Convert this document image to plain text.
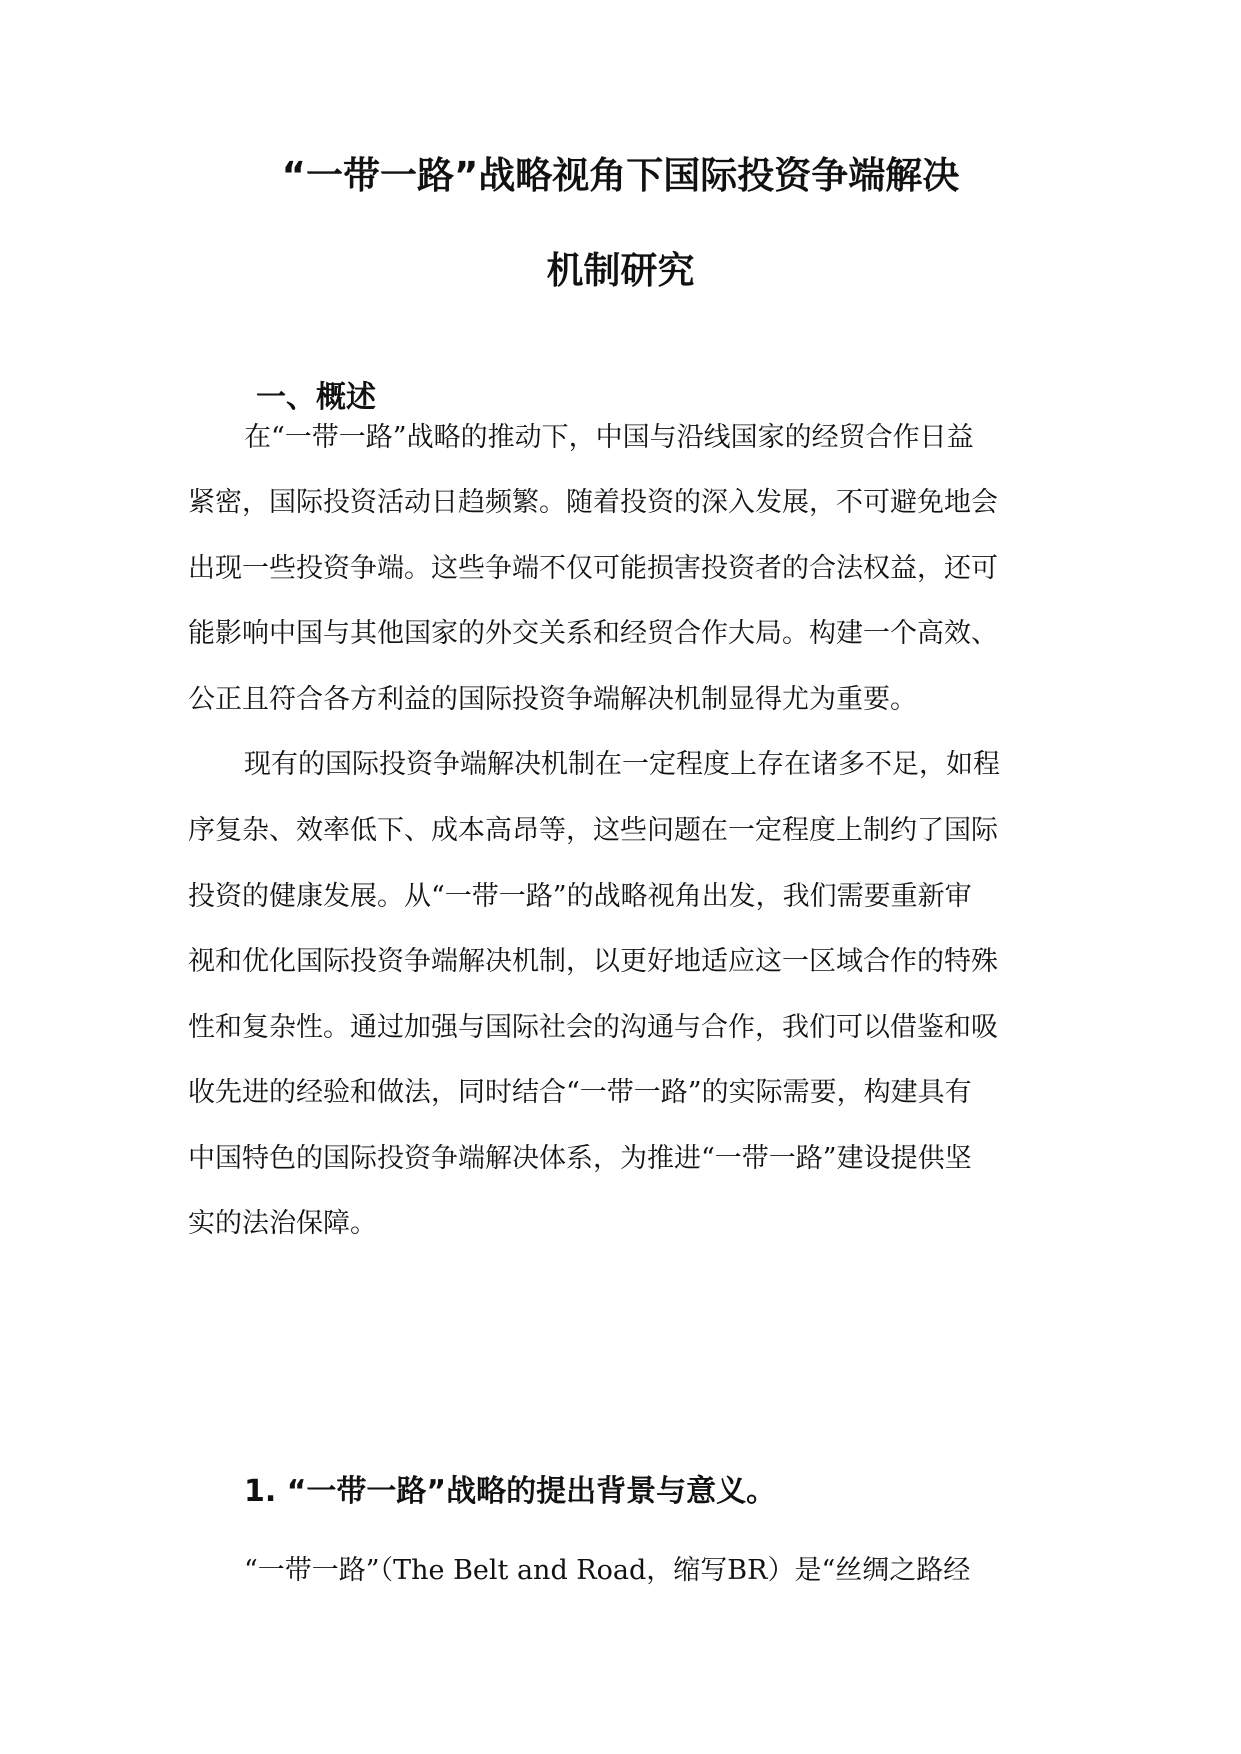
“一带一路”战略视角下国际投资争端解决
机制研究
一、概述
在“一带一路”战略的推动下，中国与沿线国家的经贸合作日益
紧密，国际投资活动日趋频繁。随着投资的深入发展，不可避免地会
出现一些投资争端。这些争端不仅可能损害投资者的合法权益，还可
能影响中国与其他国家的外交关系和经贸合作大局。构建一个高效、
公正且符合各方利益的国际投资争端解决机制显得尤为重要。
现有的国际投资争端解决机制在一定程度上存在诸多不足，如程
序复杂、效率低下、成本高昂等，这些问题在一定程度上制约了国际
投资的健康发展。从“一带一路”的战略视角出发，我们需要重新审
视和优化国际投资争端解决机制，以更好地适应这一区域合作的特殊
性和复杂性。通过加强与国际社会的沟通与合作，我们可以借鉴和吸
收先进的经验和做法，同时结合“一带一路”的实际需要，构建具有
中国特色的国际投资争端解决体系，为推进“一带一路”建设提供坚
实的法治保障。
1. “一带一路”战略的提出背景与意义。
“一带一路”（The Belt and Road，缩写BR）是“丝绸之路经
